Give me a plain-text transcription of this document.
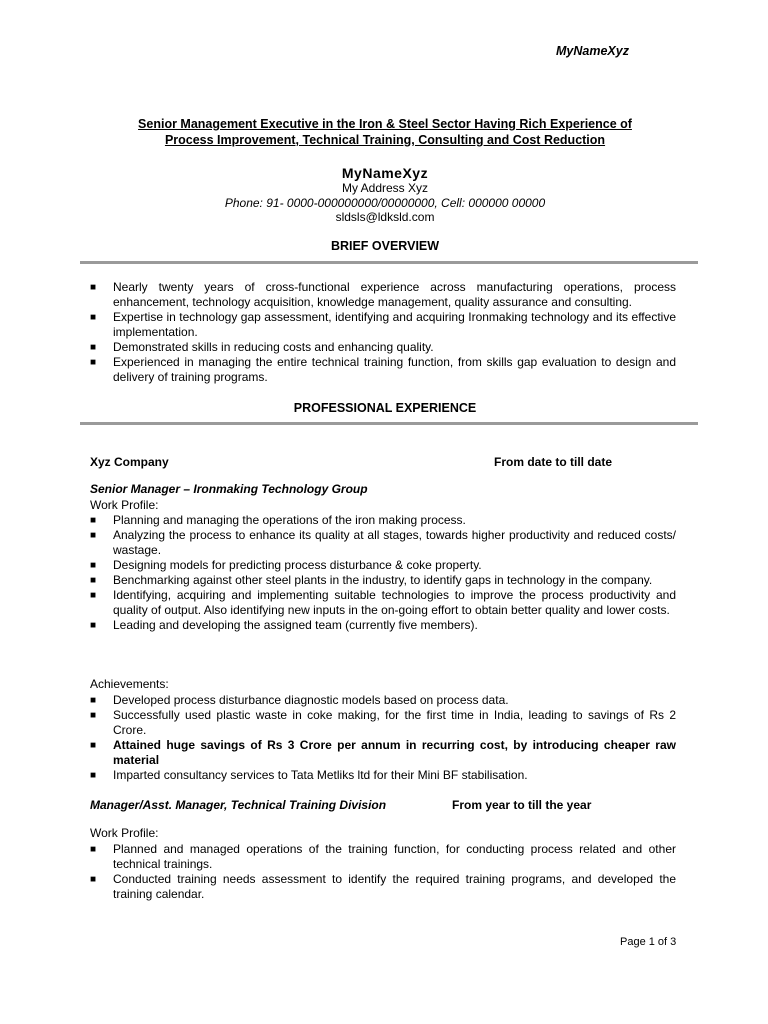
MyNameXyz
Senior Management Executive in the Iron & Steel Sector Having Rich Experience of
Process Improvement, Technical Training, Consulting and Cost Reduction
MyNameXyz
My Address Xyz
Phone: 91- 0000-000000000/00000000, Cell: 000000 00000
sldsls@ldksld.com
BRIEF OVERVIEW
■ Nearly twenty years of cross-functional experience across manufacturing operations, process enhancement, technology acquisition, knowledge management, quality assurance and consulting.
■ Expertise in technology gap assessment, identifying and acquiring Ironmaking technology and its effective implementation.
■ Demonstrated skills in reducing costs and enhancing quality.
■ Experienced in managing the entire technical training function, from skills gap evaluation to design and delivery of training programs.
PROFESSIONAL EXPERIENCE
Xyz Company	From date to till date
Senior Manager – Ironmaking Technology Group
Work Profile:
■ Planning and managing the operations of the iron making process.
■ Analyzing the process to enhance its quality at all stages, towards higher productivity and reduced costs/ wastage.
■ Designing models for predicting process disturbance & coke property.
■ Benchmarking against other steel plants in the industry, to identify gaps in technology in the company.
■ Identifying, acquiring and implementing suitable technologies to improve the process productivity and quality of output. Also identifying new inputs in the on-going effort to obtain better quality and lower costs.
■ Leading and developing the assigned team (currently five members).
Achievements:
■ Developed process disturbance diagnostic models based on process data.
■ Successfully used plastic waste in coke making, for the first time in India, leading to savings of Rs 2 Crore.
■ Attained huge savings of Rs 3 Crore per annum in recurring cost, by introducing cheaper raw material
■ Imparted consultancy services to Tata Metliks ltd for their Mini BF stabilisation.
Manager/Asst. Manager, Technical Training Division	From year to till the year
Work Profile:
■ Planned and managed operations of the training function, for conducting process related and other technical trainings.
■ Conducted training needs assessment to identify the required training programs, and developed the training calendar.
Page 1 of 3
